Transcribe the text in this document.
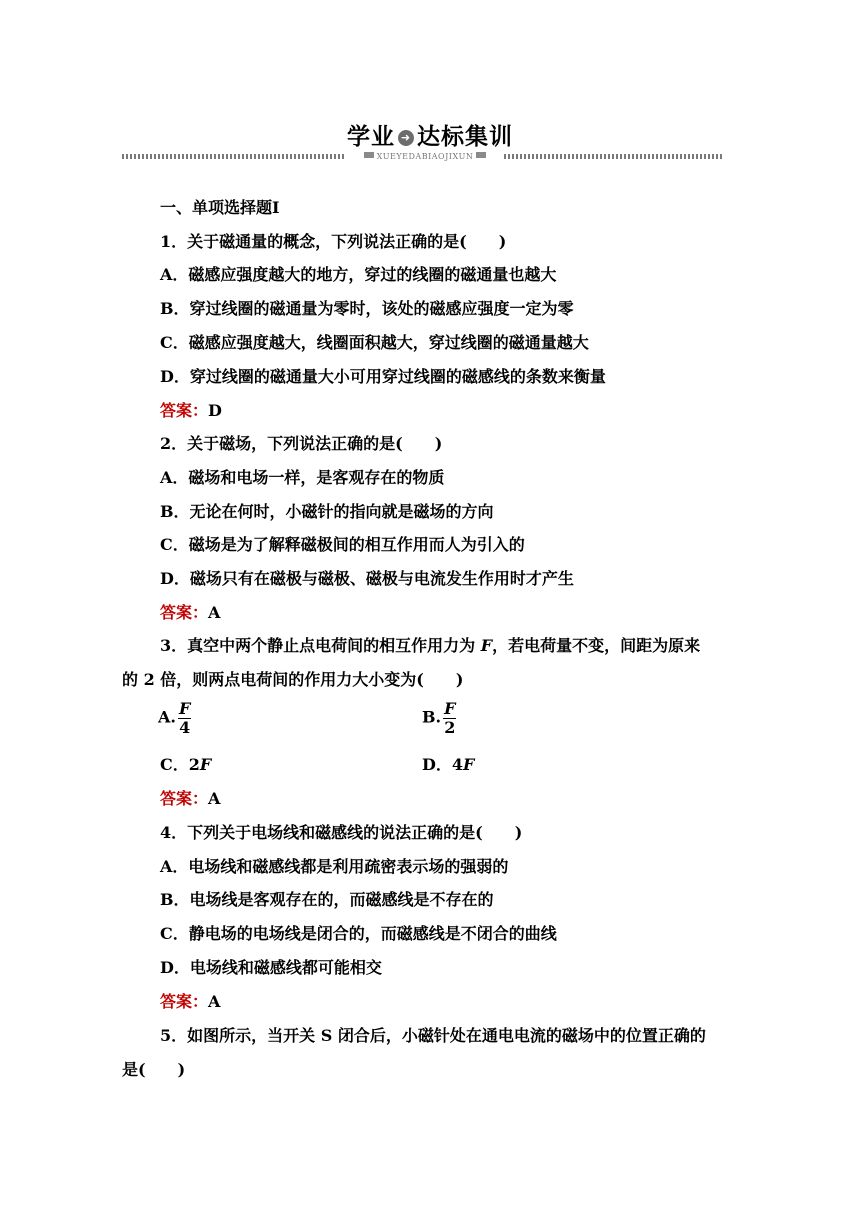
学业 ➜ 达标集训
XUEYEDABIAOJIXUN
一、单项选择题Ⅰ
1．关于磁通量的概念，下列说法正确的是(　　)
A．磁感应强度越大的地方，穿过的线圈的磁通量也越大
B．穿过线圈的磁通量为零时，该处的磁感应强度一定为零
C．磁感应强度越大，线圈面积越大，穿过线圈的磁通量越大
D．穿过线圈的磁通量大小可用穿过线圈的磁感线的条数来衡量
答案：D
2．关于磁场，下列说法正确的是(　　)
A．磁场和电场一样，是客观存在的物质
B．无论在何时，小磁针的指向就是磁场的方向
C．磁场是为了解释磁极间的相互作用而人为引入的
D．磁场只有在磁极与磁极、磁极与电流发生作用时才产生
答案：A
3．真空中两个静止点电荷间的相互作用力为 F，若电荷量不变，间距为原来
的 2 倍，则两点电荷间的作用力大小变为(　　)
A. $\frac{F}{4}$	B. $\frac{F}{2}$
C．2F	D．4F
答案：A
4．下列关于电场线和磁感线的说法正确的是(　　)
A．电场线和磁感线都是利用疏密表示场的强弱的
B．电场线是客观存在的，而磁感线是不存在的
C．静电场的电场线是闭合的，而磁感线是不闭合的曲线
D．电场线和磁感线都可能相交
答案：A
5．如图所示，当开关 S 闭合后，小磁针处在通电电流的磁场中的位置正确的
是(　　)
